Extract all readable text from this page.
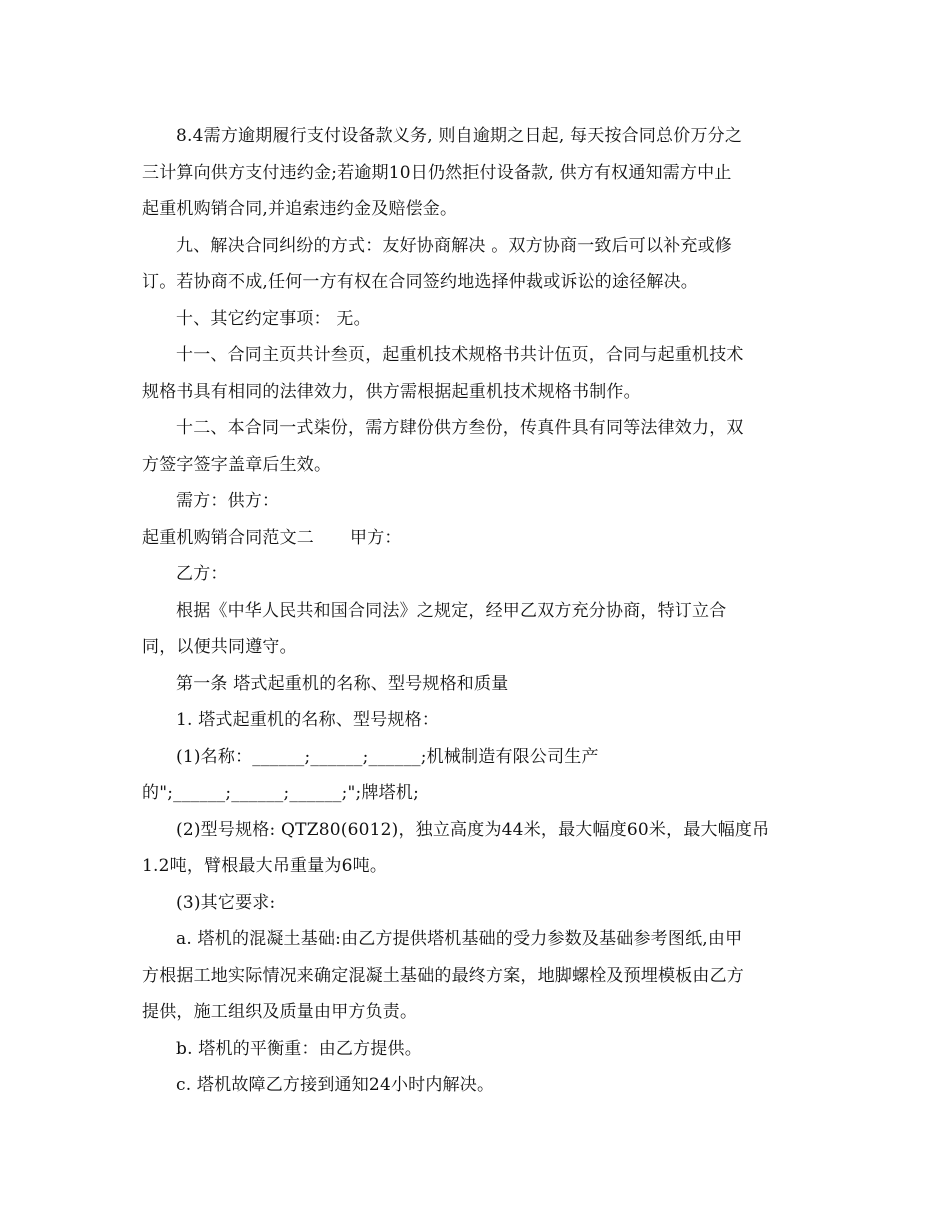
8.4需方逾期履行支付设备款义务, 则自逾期之日起, 每天按合同总价万分之
三计算向供方支付违约金;若逾期10日仍然拒付设备款, 供方有权通知需方中止
起重机购销合同,并追索违约金及赔偿金。
九、解决合同纠纷的方式：友好协商解决 。双方协商一致后可以补充或修
订。若协商不成,任何一方有权在合同签约地选择仲裁或诉讼的途径解决。
十、其它约定事项： 无。
十一、合同主页共计叁页，起重机技术规格书共计伍页，合同与起重机技术
规格书具有相同的法律效力，供方需根据起重机技术规格书制作。
十二、本合同一式柒份，需方肆份供方叁份，传真件具有同等法律效力，双
方签字签字盖章后生效。
需方：供方：
起重机购销合同范文二 甲方：
乙方：
根据《中华人民共和国合同法》之规定，经甲乙双方充分协商，特订立合
同，以便共同遵守。
第一条 塔式起重机的名称、型号规格和质量
1. 塔式起重机的名称、型号规格：
(1)名称：______;______;______;机械制造有限公司生产
的";______;______;______;";牌塔机;
(2)型号规格: QTZ80(6012)，独立高度为44米，最大幅度60米，最大幅度吊
1.2吨，臂根最大吊重量为6吨。
(3)其它要求:
a. 塔机的混凝土基础:由乙方提供塔机基础的受力参数及基础参考图纸,由甲
方根据工地实际情况来确定混凝土基础的最终方案，地脚螺栓及预埋模板由乙方
提供，施工组织及质量由甲方负责。
b. 塔机的平衡重：由乙方提供。
c. 塔机故障乙方接到通知24小时内解决。
